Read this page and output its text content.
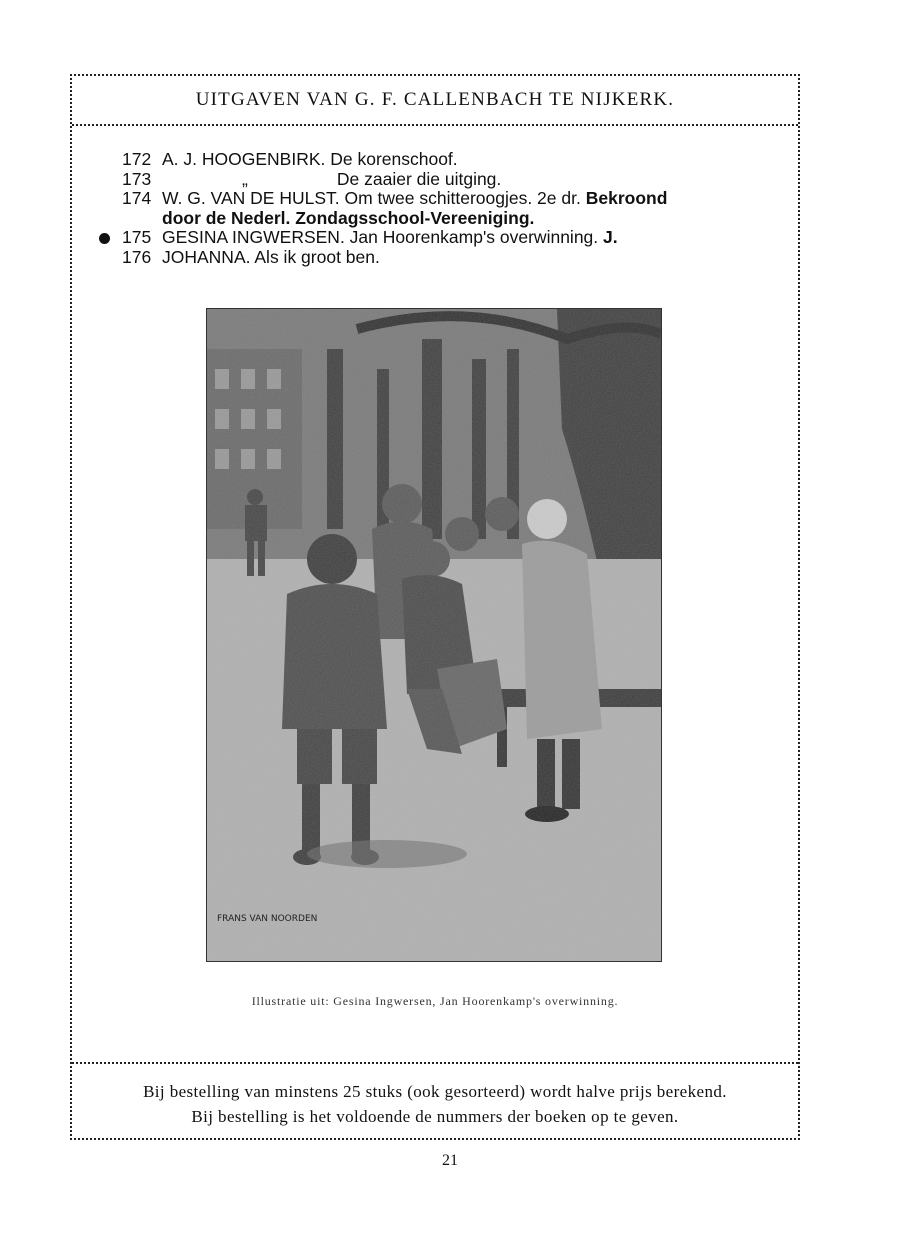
UITGAVEN VAN G. F. CALLENBACH TE NIJKERK.
172 A. J. HOOGENBIRK. De korenschoof.
173	„	De zaaier die uitging.
174 W. G. VAN DE HULST. Om twee schitteroogjes. 2e dr. Bekroond
door de Nederl. Zondagsschool-Vereeniging.
175 GESINA INGWERSEN. Jan Hoorenkamp's overwinning. J.
176 JOHANNA. Als ik groot ben.
FRANS VAN NOORDEN
Illustratie uit: Gesina Ingwersen, Jan Hoorenkamp's overwinning.
Bij bestelling van minstens 25 stuks (ook gesorteerd) wordt halve prijs berekend.
Bij bestelling is het voldoende de nummers der boeken op te geven.
21
